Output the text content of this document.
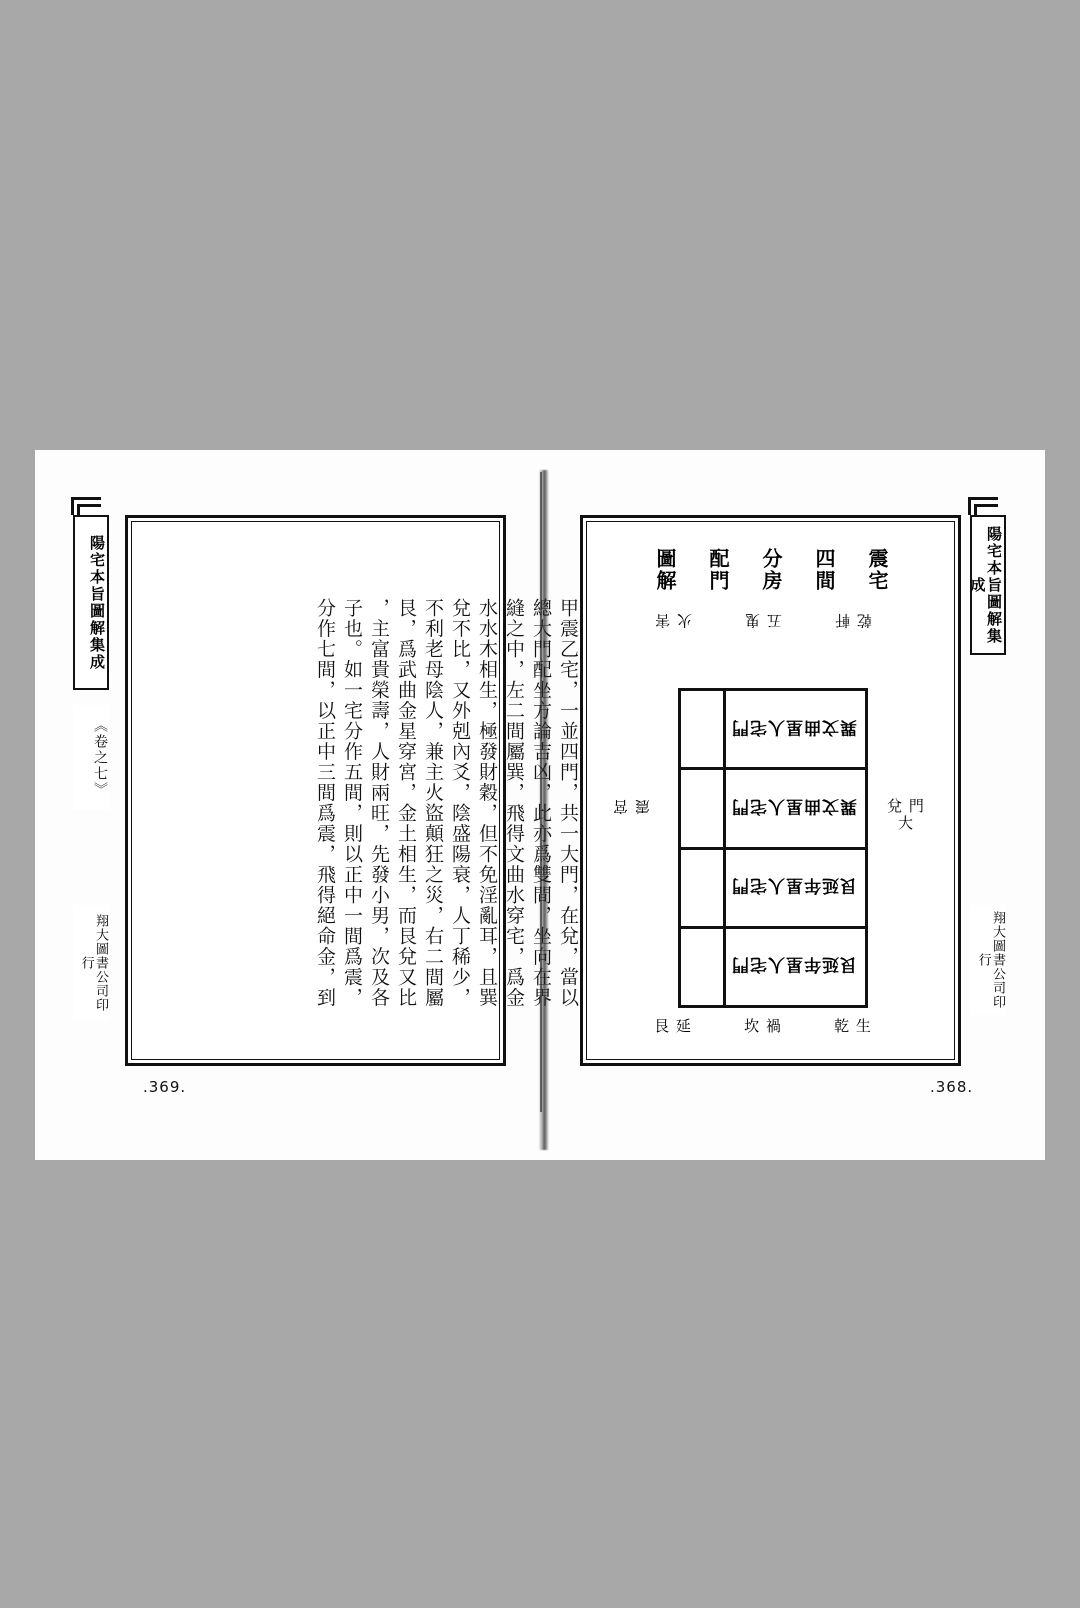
震宅
四間
分房
配門
圖解
乾 軒
五 鬼
火 害
兌 門大
震 宮
乾 生
坎 禍
艮 延
巽文曲星人宅
門
巽文曲星人宅
門
艮延年星人宅
門
艮延年星人宅
門
陽宅本旨圖解集成
翔大圖書公司印行
.368.
甲震乙宅，一並四門，共一大門，在兌，當以
縫之中，左二間屬巽，飛得文曲水穿宅，爲金
水水木相生，極發財穀，但不免淫亂耳，且巽
兌不比，又外剋內爻，陰盛陽衰，人丁稀少，
不利老母陰人，兼主火盜顛狂之災，右二間屬
艮，爲武曲金星穿宮，金土相生，而艮兌又比
，主富貴榮壽，人財兩旺，先發小男，次及各
子也。如一宅分作五間，則以正中一間爲震，
分作七間，以正中三間爲震，飛得絕命金，到
陽宅本旨圖解集成
《卷之七》
翔大圖書公司印行
.369.
